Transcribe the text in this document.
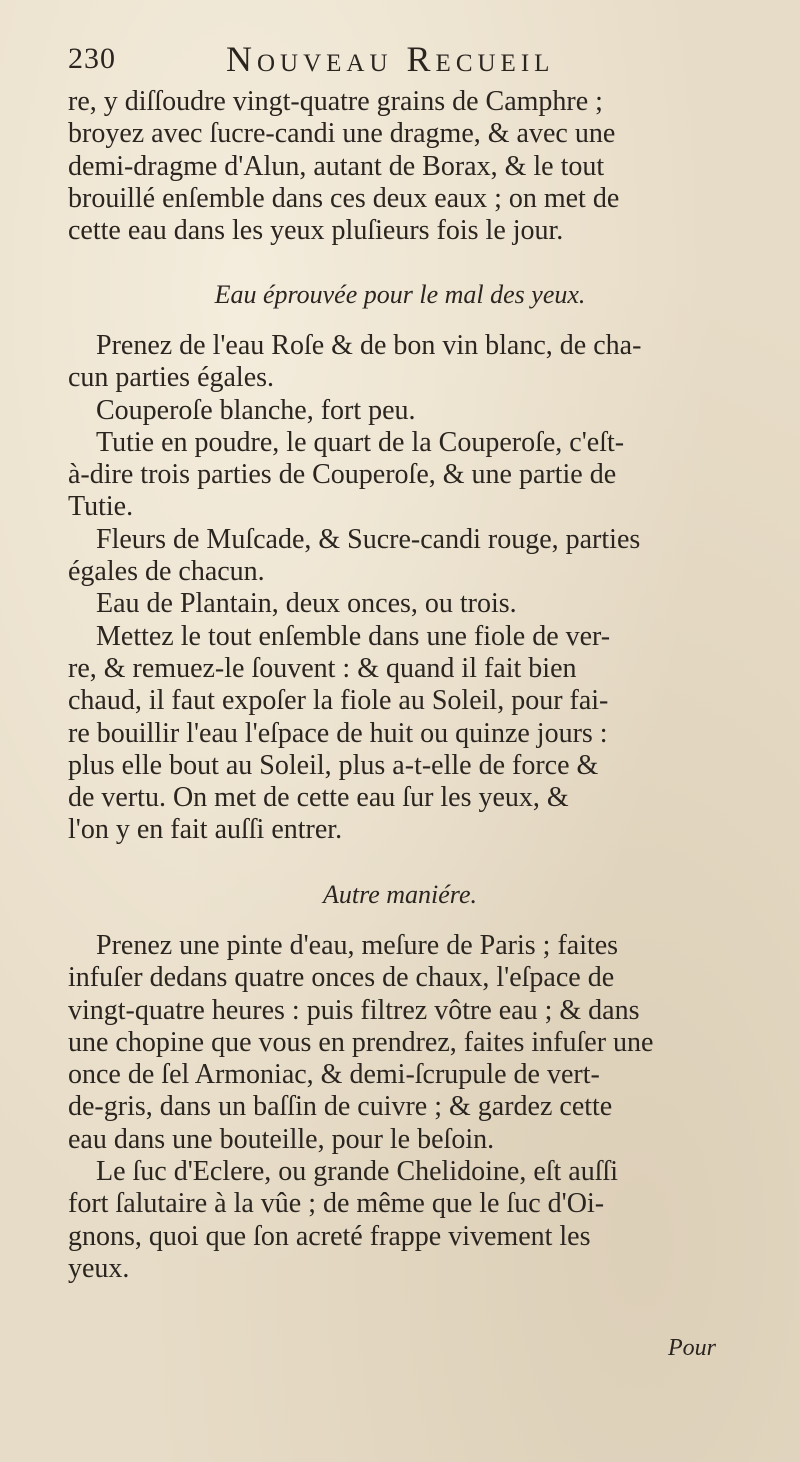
230	Nouveau Recueil
re, y diſſoudre vingt-quatre grains de Camphre ;
broyez avec ſucre-candi une dragme, & avec une
demi-dragme d'Alun, autant de Borax, & le tout
brouillé enſemble dans ces deux eaux ; on met de
cette eau dans les yeux pluſieurs fois le jour.
Eau éprouvée pour le mal des yeux.
Prenez de l'eau Roſe & de bon vin blanc, de cha-
cun parties égales.
Couperoſe blanche, fort peu.
Tutie en poudre, le quart de la Couperoſe, c'eſt-
à-dire trois parties de Couperoſe, & une partie de
Tutie.
Fleurs de Muſcade, & Sucre-candi rouge, parties
égales de chacun.
Eau de Plantain, deux onces, ou trois.
Mettez le tout enſemble dans une fiole de ver-
re, & remuez-le ſouvent : & quand il fait bien
chaud, il faut expoſer la fiole au Soleil, pour fai-
re bouillir l'eau l'eſpace de huit ou quinze jours :
plus elle bout au Soleil, plus a-t-elle de force &
de vertu. On met de cette eau ſur les yeux, &
l'on y en fait auſſi entrer.
Autre maniére.
Prenez une pinte d'eau, meſure de Paris ; faites
infuſer dedans quatre onces de chaux, l'eſpace de
vingt-quatre heures : puis filtrez vôtre eau ; & dans
une chopine que vous en prendrez, faites infuſer une
once de ſel Armoniac, & demi-ſcrupule de vert-
de-gris, dans un baſſin de cuivre ; & gardez cette
eau dans une bouteille, pour le beſoin.
Le ſuc d'Eclere, ou grande Chelidoine, eſt auſſi
fort ſalutaire à la vûe ; de même que le ſuc d'Oi-
gnons, quoi que ſon acreté frappe vivement les
yeux.
Pour
